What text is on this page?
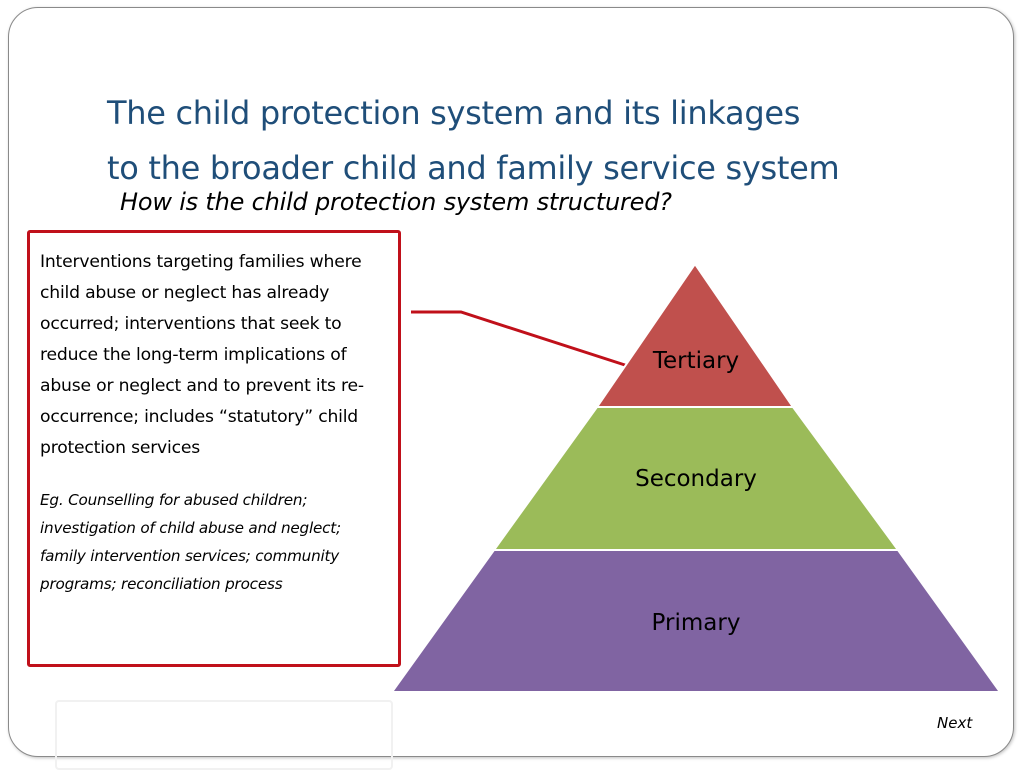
The child protection system and its linkages
to the broader child and family service system

How is the child protection system structured?

Interventions targeting families where child abuse or neglect has already occurred; interventions that seek to reduce the long-term implications of abuse or neglect and to prevent its re-occurrence; includes “statutory” child protection services

Eg. Counselling for abused children; investigation of child abuse and neglect; family intervention services; community programs; reconciliation process

Tertiary
Secondary
Primary
Next
